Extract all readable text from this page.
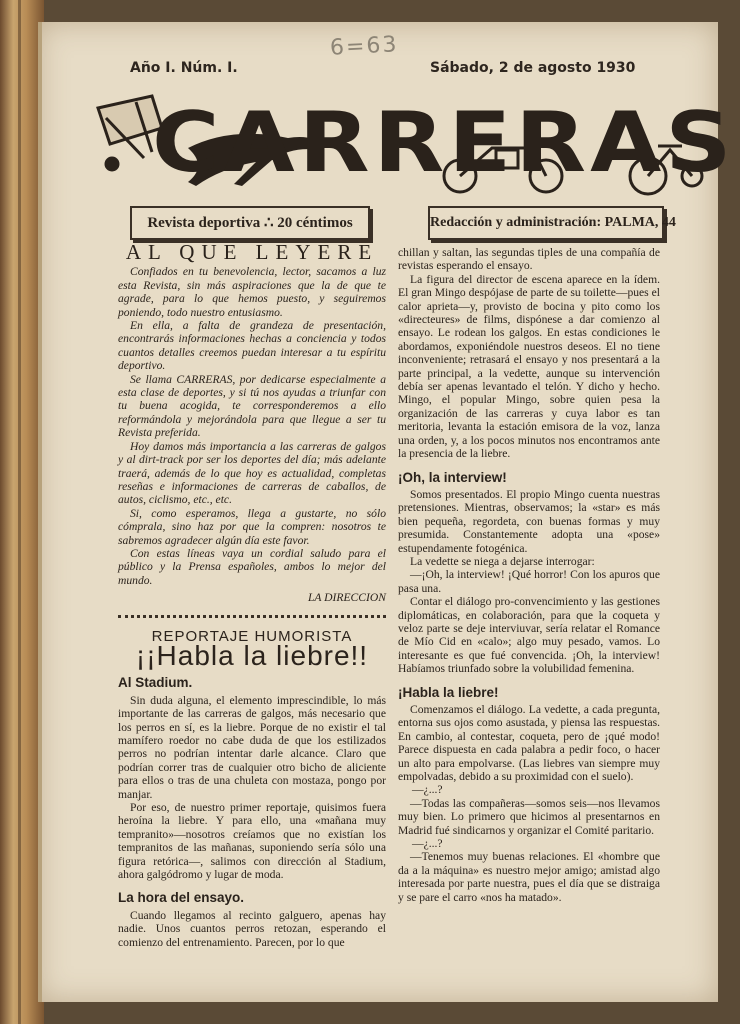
6=63
Año I. Núm. I.	Sábado, 2 de agosto 1930
CARRERAS
Revista deportiva ∴ 20 céntimos	Redacción y administración: PALMA, 44
AL QUE LEYERE

Confiados en tu benevolencia, lector, sacamos a luz esta Revista, sin más aspiraciones que la de que te agrade, para lo que hemos puesto, y seguiremos poniendo, todo nuestro entusiasmo.

En ella, a falta de grandeza de presentación, encontrarás informaciones hechas a conciencia y todos cuantos detalles creemos puedan interesar a tu espíritu deportivo.

Se llama CARRERAS, por dedicarse especialmente a esta clase de deportes, y si tú nos ayudas a triunfar con tu buena acogida, te corresponderemos a ello reformándola y mejorándola para que llegue a ser tu Revista preferida.

Hoy damos más importancia a las carreras de galgos y al dirt-track por ser los deportes del día; más adelante traerá, además de lo que hoy es actualidad, completas reseñas e informaciones de carreras de caballos, de autos, ciclismo, etc., etc.

Si, como esperamos, llega a gustarte, no sólo cómprala, sino haz por que la compren: nosotros te sabremos agradecer algún día este favor.

Con estas líneas vaya un cordial saludo para el público y la Prensa españoles, ambos lo mejor del mundo.

LA DIRECCION

REPORTAJE HUMORISTA
¡¡Habla la liebre!!
Al Stadium.

Sin duda alguna, el elemento imprescindible, lo más importante de las carreras de galgos, más necesario que los perros en sí, es la liebre. Porque de no existir el tal mamífero roedor no cabe duda de que los estilizados perros no podrían intentar darle alcance. Claro que podrían correr tras de cualquier otro bicho de aliciente para ellos o tras de una chuleta con mostaza, pongo por manjar.

Por eso, de nuestro primer reportaje, quisimos fuera heroína la liebre. Y para ello, una «mañana muy tempranito»—nosotros creíamos que no existían los tempranitos de las mañanas, suponiendo sería sólo una figura retórica—, salimos con dirección al Stadium, ahora galgódromo y lugar de moda.

La hora del ensayo.

Cuando llegamos al recinto galguero, apenas hay nadie. Unos cuantos perros retozan, esperando el comienzo del entrenamiento. Parecen, por lo que

chillan y saltan, las segundas tiples de una compañía de revistas esperando el ensayo.

La figura del director de escena aparece en la ídem. El gran Mingo despójase de parte de su toilette—pues el calor aprieta—y, provisto de bocina y pito como los «directeures» de films, dispónese a dar comienzo al ensayo. Le rodean los galgos. En estas condiciones le abordamos, exponiéndole nuestros deseos. El no tiene inconveniente; retrasará el ensayo y nos presentará a la parte principal, a la vedette, aunque su intervención debía ser apenas levantado el telón. Y dicho y hecho. Mingo, el popular Mingo, sobre quien pesa la organización de las carreras y cuya labor es tan meritoria, levanta la estación emisora de la voz, lanza una orden, y, a los pocos minutos nos encontramos ante la presencia de la liebre.

¡Oh, la interview!

Somos presentados. El propio Mingo cuenta nuestras pretensiones. Mientras, observamos; la «star» es más bien pequeña, regordeta, con buenas formas y muy presumida. Constantemente adopta una «pose» estupendamente fotogénica.

La vedette se niega a dejarse interrogar:

—¡Oh, la interview! ¡Qué horror! Con los apuros que pasa una.

Contar el diálogo pro-convencimiento y las gestiones diplomáticas, en colaboración, para que la coqueta y veloz parte se deje interviuvar, sería relatar el Romance de Mío Cid en «calo»; algo muy pesado, vamos. Lo interesante es que fué convencida. ¡Oh, la interview! Habíamos triunfado sobre la volubilidad femenina.

¡Habla la liebre!

Comenzamos el diálogo. La vedette, a cada pregunta, entorna sus ojos como asustada, y piensa las respuestas. En cambio, al contestar, coqueta, pero de ¡qué modo! Parece dispuesta en cada palabra a pedir foco, o hacer un alto para empolvarse. (Las liebres van siempre muy empolvadas, debido a su proximidad con el suelo).

—¿...?

—Todas las compañeras—somos seis—nos llevamos muy bien. Lo primero que hicimos al presentarnos en Madrid fué sindicarnos y organizar el Comité paritario.

—¿...?

—Tenemos muy buenas relaciones. El «hombre que da a la máquina» es nuestro mejor amigo; amistad algo interesada por parte nuestra, pues el día que se distraiga y se pare el carro «nos ha matado».
